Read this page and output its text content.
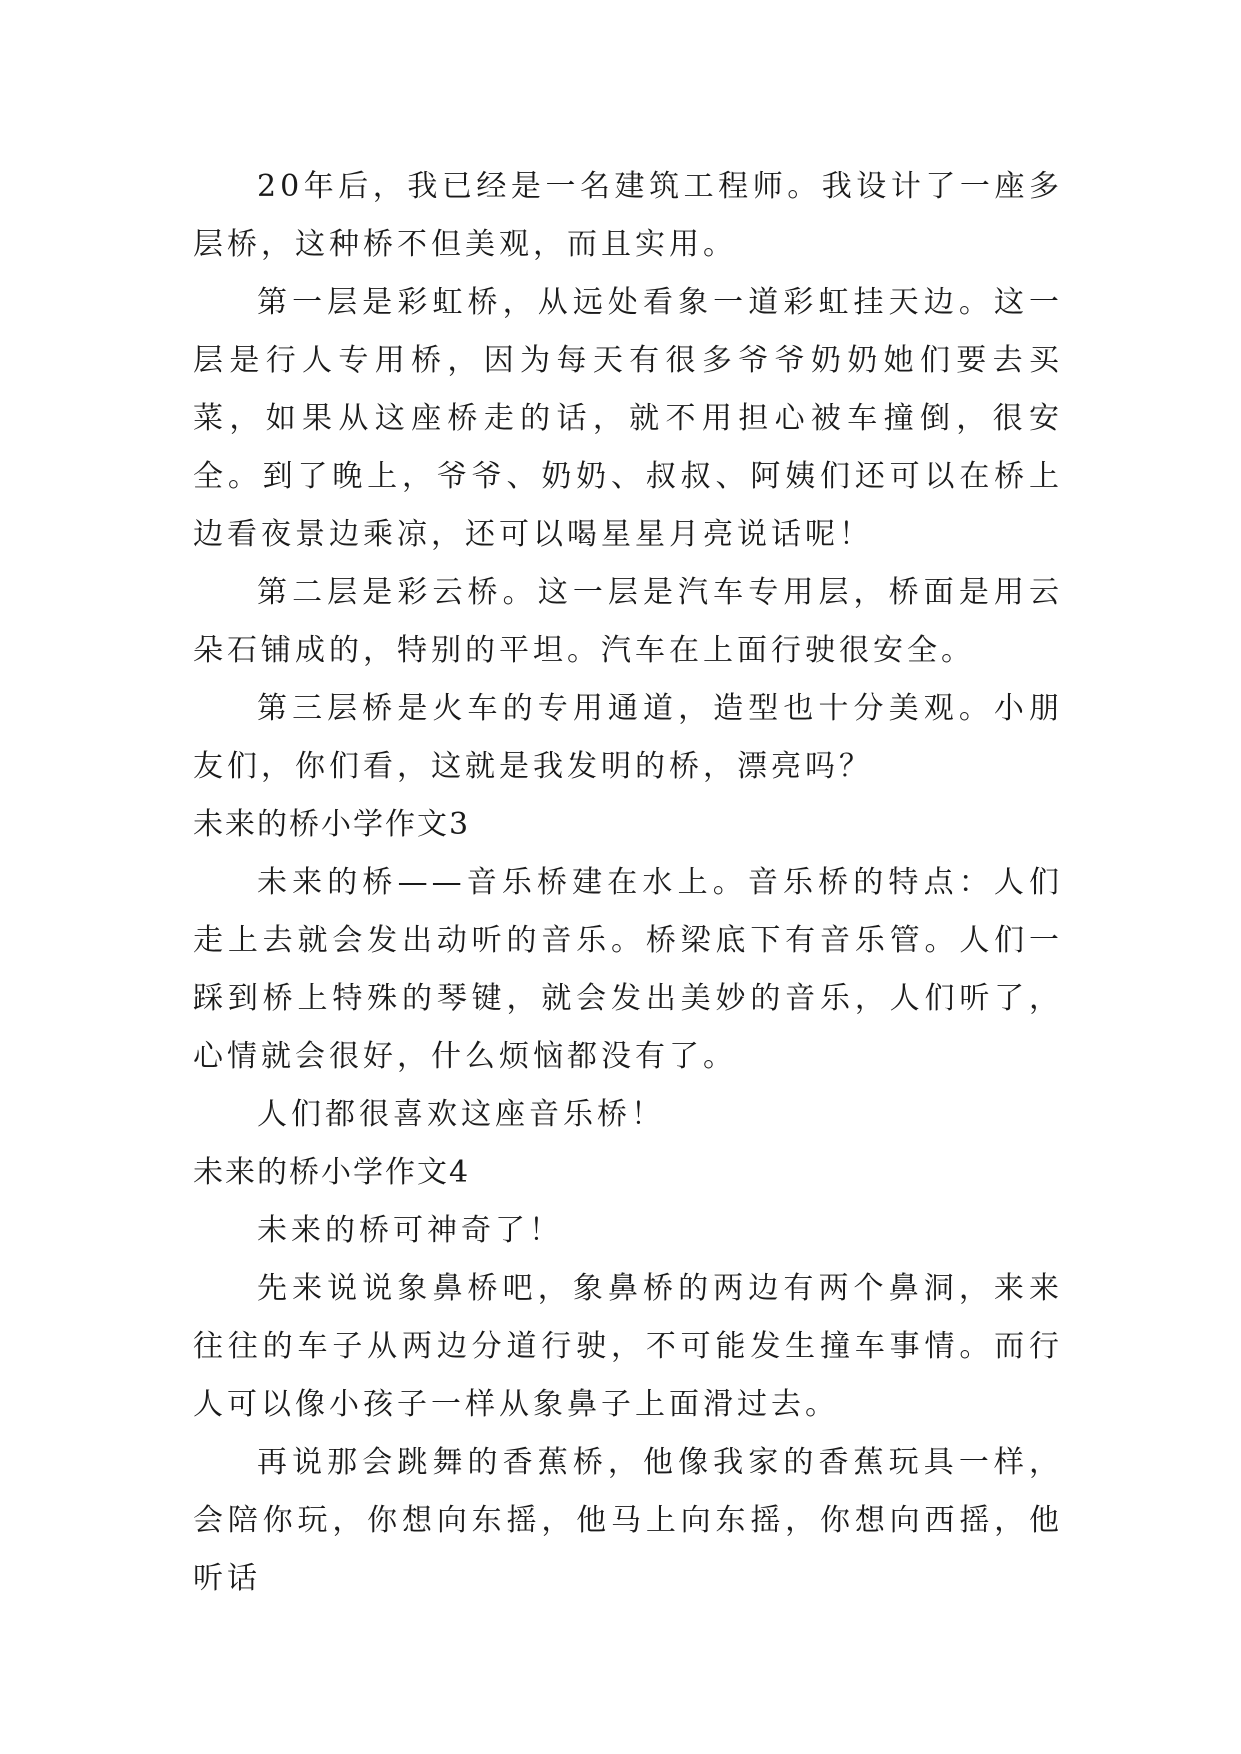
20年后，我已经是一名建筑工程师。我设计了一座多层桥，这种桥不但美观，而且实用。

第一层是彩虹桥，从远处看象一道彩虹挂天边。这一层是行人专用桥，因为每天有很多爷爷奶奶她们要去买菜，如果从这座桥走的话，就不用担心被车撞倒，很安全。到了晚上，爷爷、奶奶、叔叔、阿姨们还可以在桥上边看夜景边乘凉，还可以喝星星月亮说话呢！

第二层是彩云桥。这一层是汽车专用层，桥面是用云朵石铺成的，特别的平坦。汽车在上面行驶很安全。

第三层桥是火车的专用通道，造型也十分美观。小朋友们，你们看，这就是我发明的桥，漂亮吗？

未来的桥小学作文3

未来的桥——音乐桥建在水上。音乐桥的特点：人们走上去就会发出动听的音乐。桥梁底下有音乐管。人们一踩到桥上特殊的琴键，就会发出美妙的音乐，人们听了，心情就会很好，什么烦恼都没有了。

人们都很喜欢这座音乐桥！

未来的桥小学作文4

未来的桥可神奇了！

先来说说象鼻桥吧，象鼻桥的两边有两个鼻洞，来来往往的车子从两边分道行驶，不可能发生撞车事情。而行人可以像小孩子一样从象鼻子上面滑过去。

再说那会跳舞的香蕉桥，他像我家的香蕉玩具一样，会陪你玩，你想向东摇，他马上向东摇，你想向西摇，他听话
